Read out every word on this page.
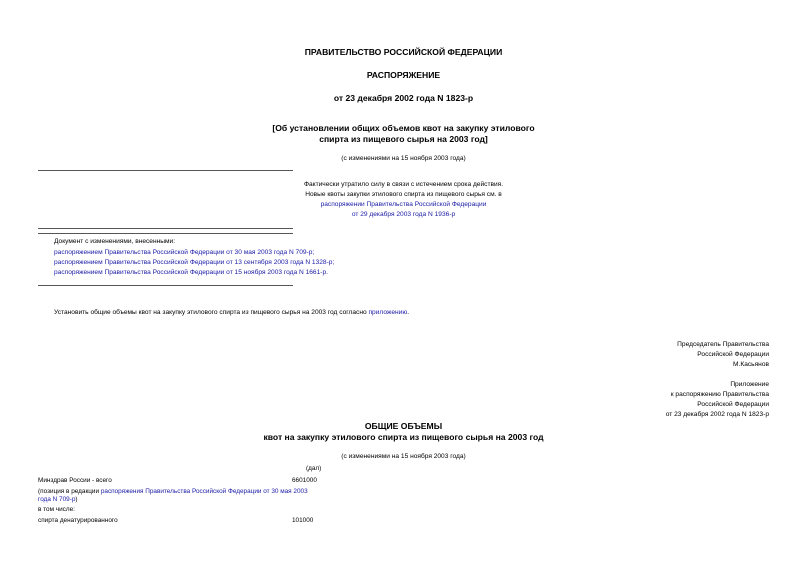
ПРАВИТЕЛЬСТВО РОССИЙСКОЙ ФЕДЕРАЦИИ
РАСПОРЯЖЕНИЕ
от 23 декабря 2002 года N 1823-р
[Об установлении общих объемов квот на закупку этилового
спирта из пищевого сырья на 2003 год]
(с изменениями на 15 ноября 2003 года)
Фактически утратило силу в связи с истечением срока действия.
Новые квоты закупки этилового спирта из пищевого сырья см. в
распоряжении Правительства Российской Федерации
от 29 декабря 2003 года N 1936-р
Документ с изменениями, внесенными:
распоряжением Правительства Российской Федерации от 30 мая 2003 года N 709-р;
распоряжением Правительства Российской Федерации от 13 сентября 2003 года N 1328-р;
распоряжением Правительства Российской Федерации от 15 ноября 2003 года N 1661-р.
Установить общие объемы квот на закупку этилового спирта из пищевого сырья на 2003 год согласно приложению.
Председатель Правительства
Российской Федерации
М.Касьянов
Приложение
к распоряжению Правительства
Российской Федерации
от 23 декабря 2002 года N 1823-р
ОБЩИЕ ОБЪЕМЫ
квот на закупку этилового спирта из пищевого сырья на 2003 год
(с изменениями на 15 ноября 2003 года)
(дал)
Минздрав России - всего	6601000
(позиция в редакции распоряжения Правительства Российской Федерации от 30 мая 2003
года N 709-р)
в том числе:
спирта денатурированного	101000
